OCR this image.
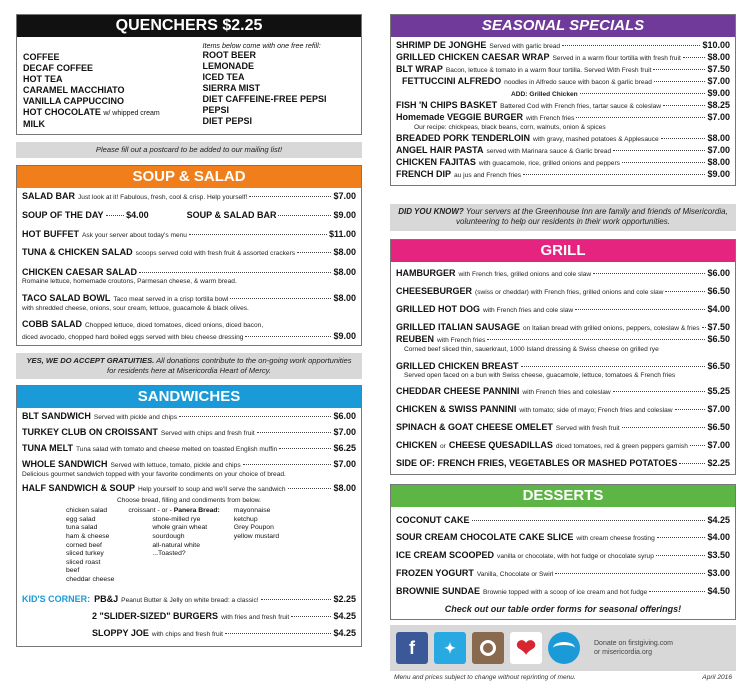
QUENCHERS $2.25
COFFEE
DECAF COFFEE
HOT TEA
CARAMEL MACCHIATO
VANILLA CAPPUCCINO
HOT CHOCOLATE w/ whipped cream
MILK
Items below come with one free refill:
ROOT BEER
LEMONADE
ICED TEA
SIERRA MIST
DIET CAFFEINE-FREE PEPSI
PEPSI
DIET PEPSI
Please fill out a postcard to be added to our mailing list!
SOUP & SALAD
SALAD BAR Just look at it! Fabulous, fresh, cool & crisp. Help yourself!	$7.00
SOUP OF THE DAY	$4.00	SOUP & SALAD BAR	$9.00
HOT BUFFET Ask your server about today's menu	$11.00
TUNA & CHICKEN SALAD scoops served cold with fresh fruit & assorted crackers	$8.00
CHICKEN CAESAR SALAD	$8.00
Romaine lettuce, homemade croutons, Parmesan cheese, & warm bread.
TACO SALAD BOWL Taco meat served in a crisp tortilla bowl	$8.00
with shredded cheese, onions, sour cream, lettuce, guacamole & black olives.
COBB SALAD Chopped lettuce, diced tomatoes, diced onions, diced bacon,
diced avocado, chopped hard boiled eggs served with bleu cheese dressing	$9.00
YES, WE DO ACCEPT GRATUITIES. All donations contribute to the on-going work opportunities for residents here at Misericordia Heart of Mercy.
SANDWICHES
BLT SANDWICH Served with pickle and chips	$6.00
TURKEY CLUB ON CROISSANT Served with chips and fresh fruit	$7.00
TUNA MELT Tuna salad with tomato and cheese melted on toasted English muffin	$6.25
WHOLE SANDWICH Served with lettuce, tomato, pickle and chips	$7.00
Delicious gourmet sandwich topped with your favorite condiments on your choice of bread.
HALF SANDWICH & SOUP Help yourself to soup and we'll serve the sandwich	$8.00
Choose bread, filling and condiments from below.
chicken salad
egg salad
tuna salad
ham & cheese
corned beef
sliced turkey
sliced roast
beef
cheddar cheese
croissant - or - Panera Bread:
stone-milled rye
whole grain wheat
sourdough
all-natural white
...Toasted?
mayonnaise
ketchup
Grey Poupon
yellow mustard
KID'S CORNER: PB&J Peanut Butter & Jelly on white bread: a classic!	$2.25
2 "SLIDER-SIZED" BURGERS with fries and fresh fruit	$4.25
SLOPPY JOE with chips and fresh fruit	$4.25
SEASONAL SPECIALS
SHRIMP DE JONGHE Served with garlic bread	$10.00
GRILLED CHICKEN CAESAR WRAP Served in a warm flour tortilla with fresh fruit	$8.00
BLT WRAP Bacon, lettuce & tomato in a warm flour tortilla. Served With Fresh fruit	$7.50
FETTUCCINI ALFREDO noodles in Alfredo sauce with bacon & garlic bread	$7.00
ADD: Grilled Chicken	$9.00
FISH 'N CHIPS BASKET Battered Cod with French fries, tartar sauce & coleslaw	$8.25
Homemade VEGGIE BURGER with French fries	$7.00
Our recipe: chickpeas, black beans, corn, walnuts, onion & spices
BREADED PORK TENDERLOIN with gravy, mashed potatoes & Applesauce	$8.00
ANGEL HAIR PASTA served with Marinara sauce & Garlic bread	$7.00
CHICKEN FAJITAS with guacamole, rice, grilled onions and peppers	$8.00
FRENCH DIP au jus and French fries	$9.00
DID YOU KNOW? Your servers at the Greenhouse Inn are family and friends of Misericordia, volunteering to help our residents in their work opportunities.
GRILL
HAMBURGER with French fries, grilled onions and cole slaw	$6.00
CHEESEBURGER (swiss or cheddar) with French fries, grilled onions and cole slaw	$6.50
GRILLED HOT DOG with French fries and cole slaw	$4.00
GRILLED ITALIAN SAUSAGE on Italian bread with grilled onions, peppers, coleslaw & fries $7.50
REUBEN with French fries	$6.50
Corned beef sliced thin, sauerkraut, 1000 Island dressing & Swiss cheese on grilled rye
GRILLED CHICKEN BREAST	$6.50
Served open faced on a bun with Swiss cheese, guacamole, lettuce, tomatoes & French fries
CHEDDAR CHEESE PANNINI with French fries and coleslaw	$5.25
CHICKEN & SWISS PANNINI with tomato; side of mayo; French fries and coleslaw	$7.00
SPINACH & GOAT CHEESE OMELET Served with fresh fruit	$6.50
CHICKEN or CHEESE QUESADILLAS diced tomatoes, red & green peppers garnish $7.00
SIDE OF: FRENCH FRIES, VEGETABLES OR MASHED POTATOES	$2.25
DESSERTS
COCONUT CAKE	$4.25
SOUR CREAM CHOCOLATE CAKE SLICE with cream cheese frosting	$4.00
ICE CREAM SCOOPED vanilla or chocolate, with hot fudge or chocolate syrup	$3.50
FROZEN YOGURT Vanilla, Chocolate or Swirl	$3.00
BROWNIE SUNDAE Brownie topped with a scoop of ice cream and hot fudge	$4.50
Check out our table order forms for seasonal offerings!
f	✦	❤	Donate on firstgiving.com
or misericordia.org
Menu and prices subject to change without reprinting of menu.	April 2016
